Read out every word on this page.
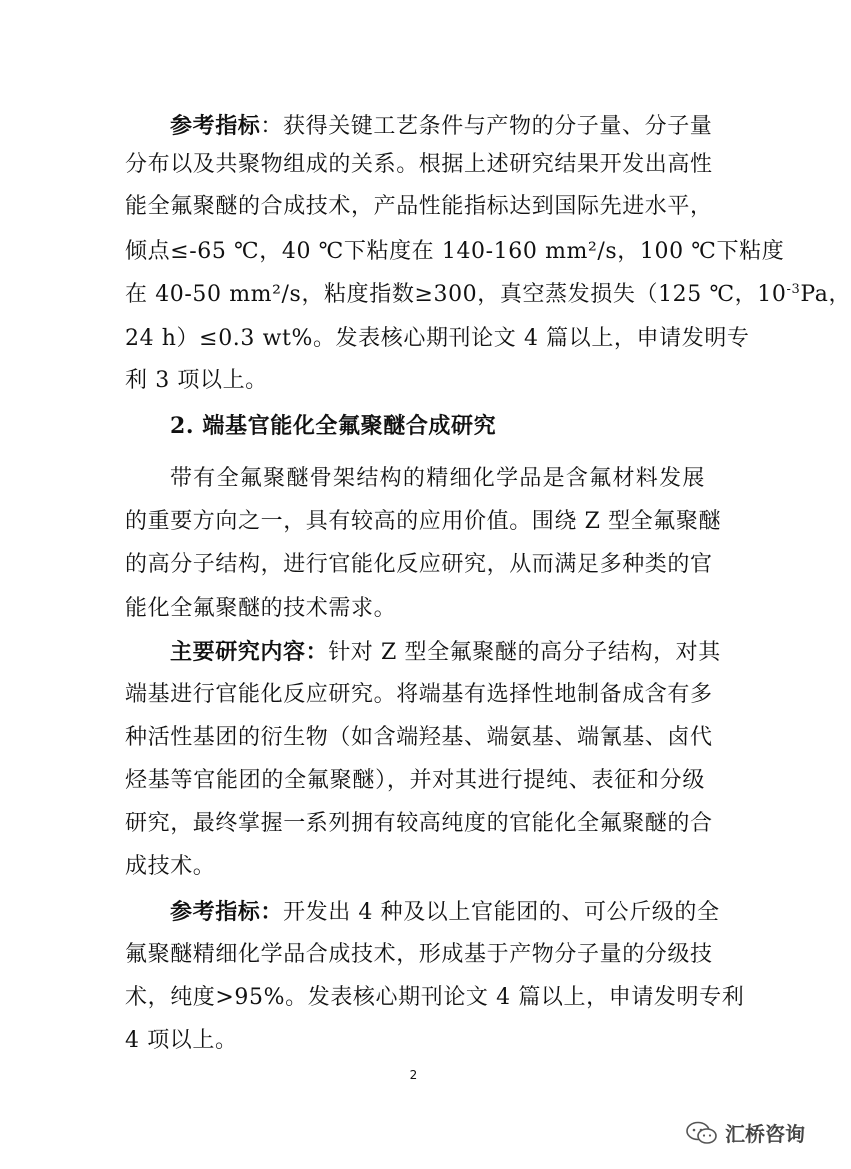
参考指标：获得关键工艺条件与产物的分子量、分子量
分布以及共聚物组成的关系。根据上述研究结果开发出高性
能全氟聚醚的合成技术，产品性能指标达到国际先进水平，
倾点≤-65 ℃，40 ℃下粘度在 140-160 mm²/s，100 ℃下粘度
在 40-50 mm²/s，粘度指数≥300，真空蒸发损失（125 ℃，$10^{-3}Pa$，
24 h）≤0.3 wt%。发表核心期刊论文 4 篇以上，申请发明专
利 3 项以上。
2. 端基官能化全氟聚醚合成研究
带有全氟聚醚骨架结构的精细化学品是含氟材料发展
的重要方向之一，具有较高的应用价值。围绕 Z 型全氟聚醚
的高分子结构，进行官能化反应研究，从而满足多种类的官
能化全氟聚醚的技术需求。
主要研究内容：针对 Z 型全氟聚醚的高分子结构，对其
端基进行官能化反应研究。将端基有选择性地制备成含有多
种活性基团的衍生物（如含端羟基、端氨基、端氰基、卤代
烃基等官能团的全氟聚醚），并对其进行提纯、表征和分级
研究，最终掌握一系列拥有较高纯度的官能化全氟聚醚的合
成技术。
参考指标：开发出 4 种及以上官能团的、可公斤级的全
氟聚醚精细化学品合成技术，形成基于产物分子量的分级技
术，纯度>95%。发表核心期刊论文 4 篇以上，申请发明专利
4 项以上。
2
汇桥咨询
